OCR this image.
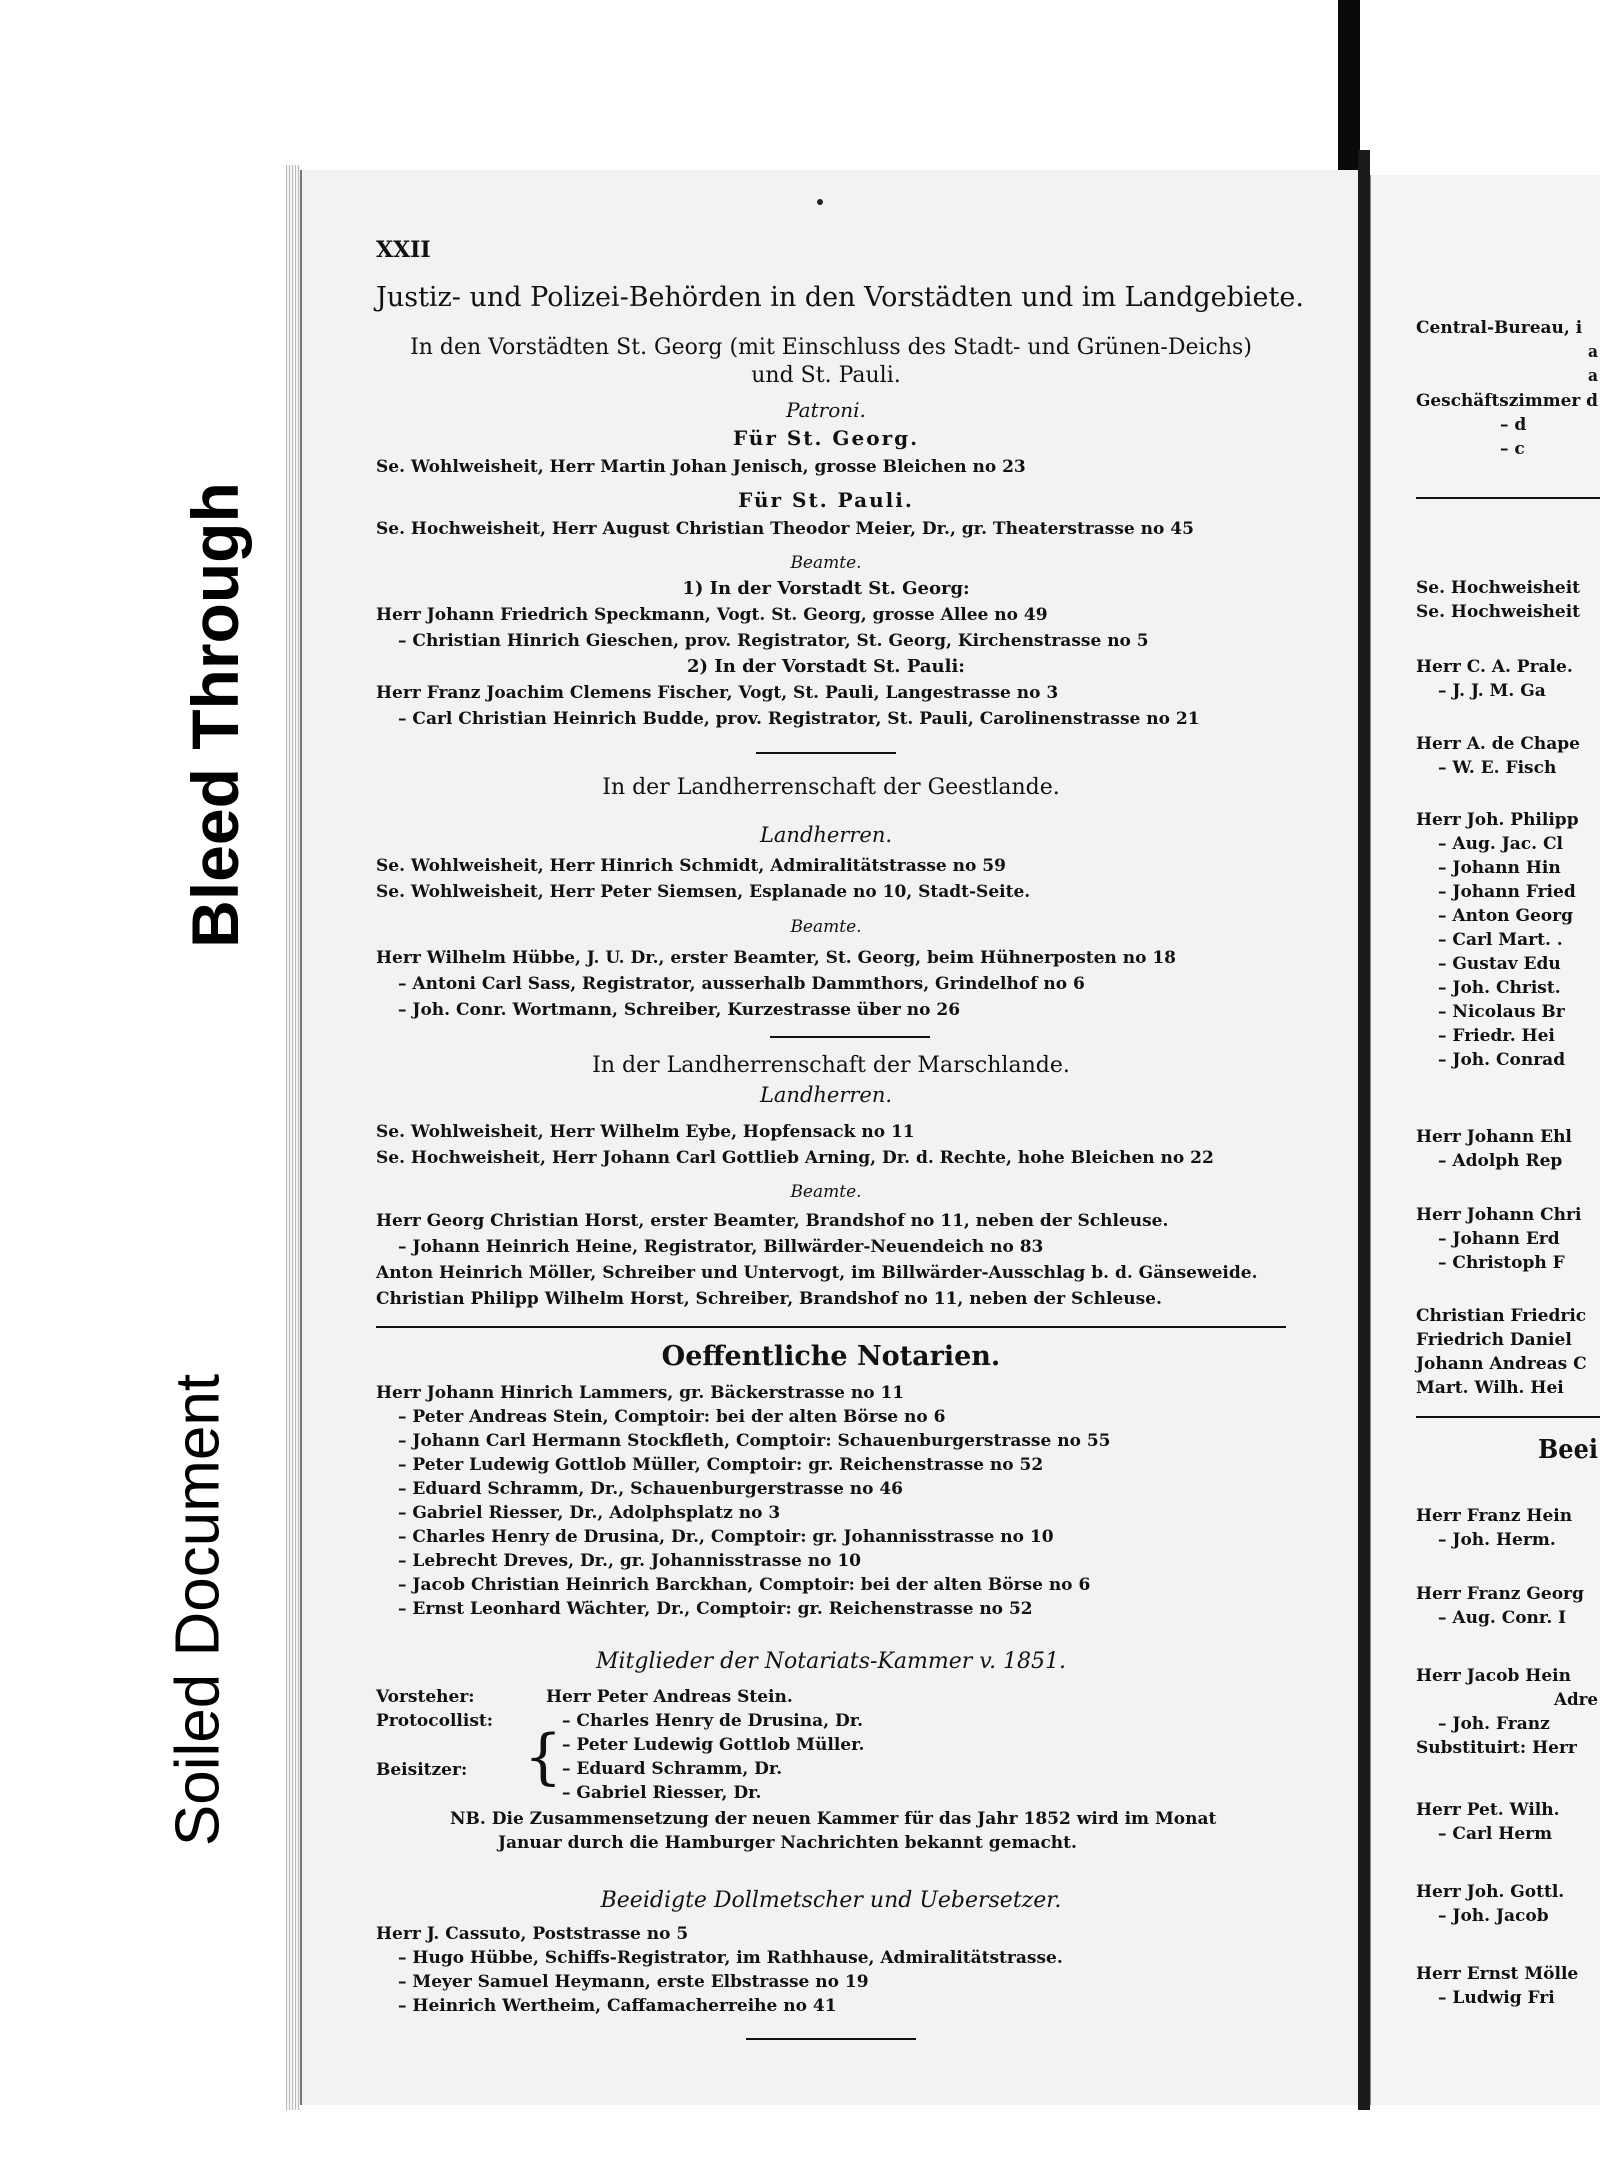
Bleed Through
Soiled Document
XXII
Justiz- und Polizei-Behörden in den Vorstädten und im Landgebiete.
In den Vorstädten St. Georg (mit Einschluss des Stadt- und Grünen-Deichs)
und St. Pauli.
Patroni.
Für St. Georg.
Se. Wohlweisheit, Herr Martin Johan Jenisch, grosse Bleichen no 23
Für St. Pauli.
Se. Hochweisheit, Herr August Christian Theodor Meier, Dr., gr. Theaterstrasse no 45
Beamte.
1) In der Vorstadt St. Georg:
Herr Johann Friedrich Speckmann, Vogt. St. Georg, grosse Allee no 49
– Christian Hinrich Gieschen, prov. Registrator, St. Georg, Kirchenstrasse no 5
2) In der Vorstadt St. Pauli:
Herr Franz Joachim Clemens Fischer, Vogt, St. Pauli, Langestrasse no 3
– Carl Christian Heinrich Budde, prov. Registrator, St. Pauli, Carolinenstrasse no 21
In der Landherrenschaft der Geestlande.
Landherren.
Se. Wohlweisheit, Herr Hinrich Schmidt, Admiralitätstrasse no 59
Se. Wohlweisheit, Herr Peter Siemsen, Esplanade no 10, Stadt-Seite.
Beamte.
Herr Wilhelm Hübbe, J. U. Dr., erster Beamter, St. Georg, beim Hühnerposten no 18
– Antoni Carl Sass, Registrator, ausserhalb Dammthors, Grindelhof no 6
– Joh. Conr. Wortmann, Schreiber, Kurzestrasse über no 26
In der Landherrenschaft der Marschlande.
Landherren.
Se. Wohlweisheit, Herr Wilhelm Eybe, Hopfensack no 11
Se. Hochweisheit, Herr Johann Carl Gottlieb Arning, Dr. d. Rechte, hohe Bleichen no 22
Beamte.
Herr Georg Christian Horst, erster Beamter, Brandshof no 11, neben der Schleuse.
– Johann Heinrich Heine, Registrator, Billwärder-Neuendeich no 83
Anton Heinrich Möller, Schreiber und Untervogt, im Billwärder-Ausschlag b. d. Gänseweide.
Christian Philipp Wilhelm Horst, Schreiber, Brandshof no 11, neben der Schleuse.
Oeffentliche Notarien.
Herr Johann Hinrich Lammers, gr. Bäckerstrasse no 11
– Peter Andreas Stein, Comptoir: bei der alten Börse no 6
– Johann Carl Hermann Stockfleth, Comptoir: Schauenburgerstrasse no 55
– Peter Ludewig Gottlob Müller, Comptoir: gr. Reichenstrasse no 52
– Eduard Schramm, Dr., Schauenburgerstrasse no 46
– Gabriel Riesser, Dr., Adolphsplatz no 3
– Charles Henry de Drusina, Dr., Comptoir: gr. Johannisstrasse no 10
– Lebrecht Dreves, Dr., gr. Johannisstrasse no 10
– Jacob Christian Heinrich Barckhan, Comptoir: bei der alten Börse no 6
– Ernst Leonhard Wächter, Dr., Comptoir: gr. Reichenstrasse no 52
Mitglieder der Notariats-Kammer v. 1851.
Vorsteher:	Herr Peter Andreas Stein.
Protocollist:	– Charles Henry de Drusina, Dr.
Beisitzer: { – Peter Ludewig Gottlob Müller.
– Eduard Schramm, Dr.
– Gabriel Riesser, Dr.
NB. Die Zusammensetzung der neuen Kammer für das Jahr 1852 wird im Monat
Januar durch die Hamburger Nachrichten bekannt gemacht.
Beeidigte Dollmetscher und Uebersetzer.
Herr J. Cassuto, Poststrasse no 5
– Hugo Hübbe, Schiffs-Registrator, im Rathhause, Admiralitätstrasse.
– Meyer Samuel Heymann, erste Elbstrasse no 19
– Heinrich Wertheim, Caffamacherreihe no 41
Central-Bureau, i
a
a
Geschäftszimmer d
– d
– c
Se. Hochweisheit
Se. Hochweisheit
Herr C. A. Prale.
– J. J. M. Ga
Herr A. de Chape
– W. E. Fisch
Herr Joh. Philipp
– Aug. Jac. Cl
– Johann Hin
– Johann Fried
– Anton Georg
– Carl Mart. .
– Gustav Edu
– Joh. Christ.
– Nicolaus Br
– Friedr. Hei
– Joh. Conrad
Herr Johann Ehl
– Adolph Rep
Herr Johann Chri
– Johann Erd
– Christoph F
Christian Friedric
Friedrich Daniel
Johann Andreas C
Mart. Wilh. Hei
Beei
Herr Franz Hein
– Joh. Herm.
Herr Franz Georg
– Aug. Conr. I
Herr Jacob Hein
Adre
– Joh. Franz
Substituirt: Herr
Herr Pet. Wilh.
– Carl Herm
Herr Joh. Gottl.
– Joh. Jacob
Herr Ernst Mölle
– Ludwig Fri
